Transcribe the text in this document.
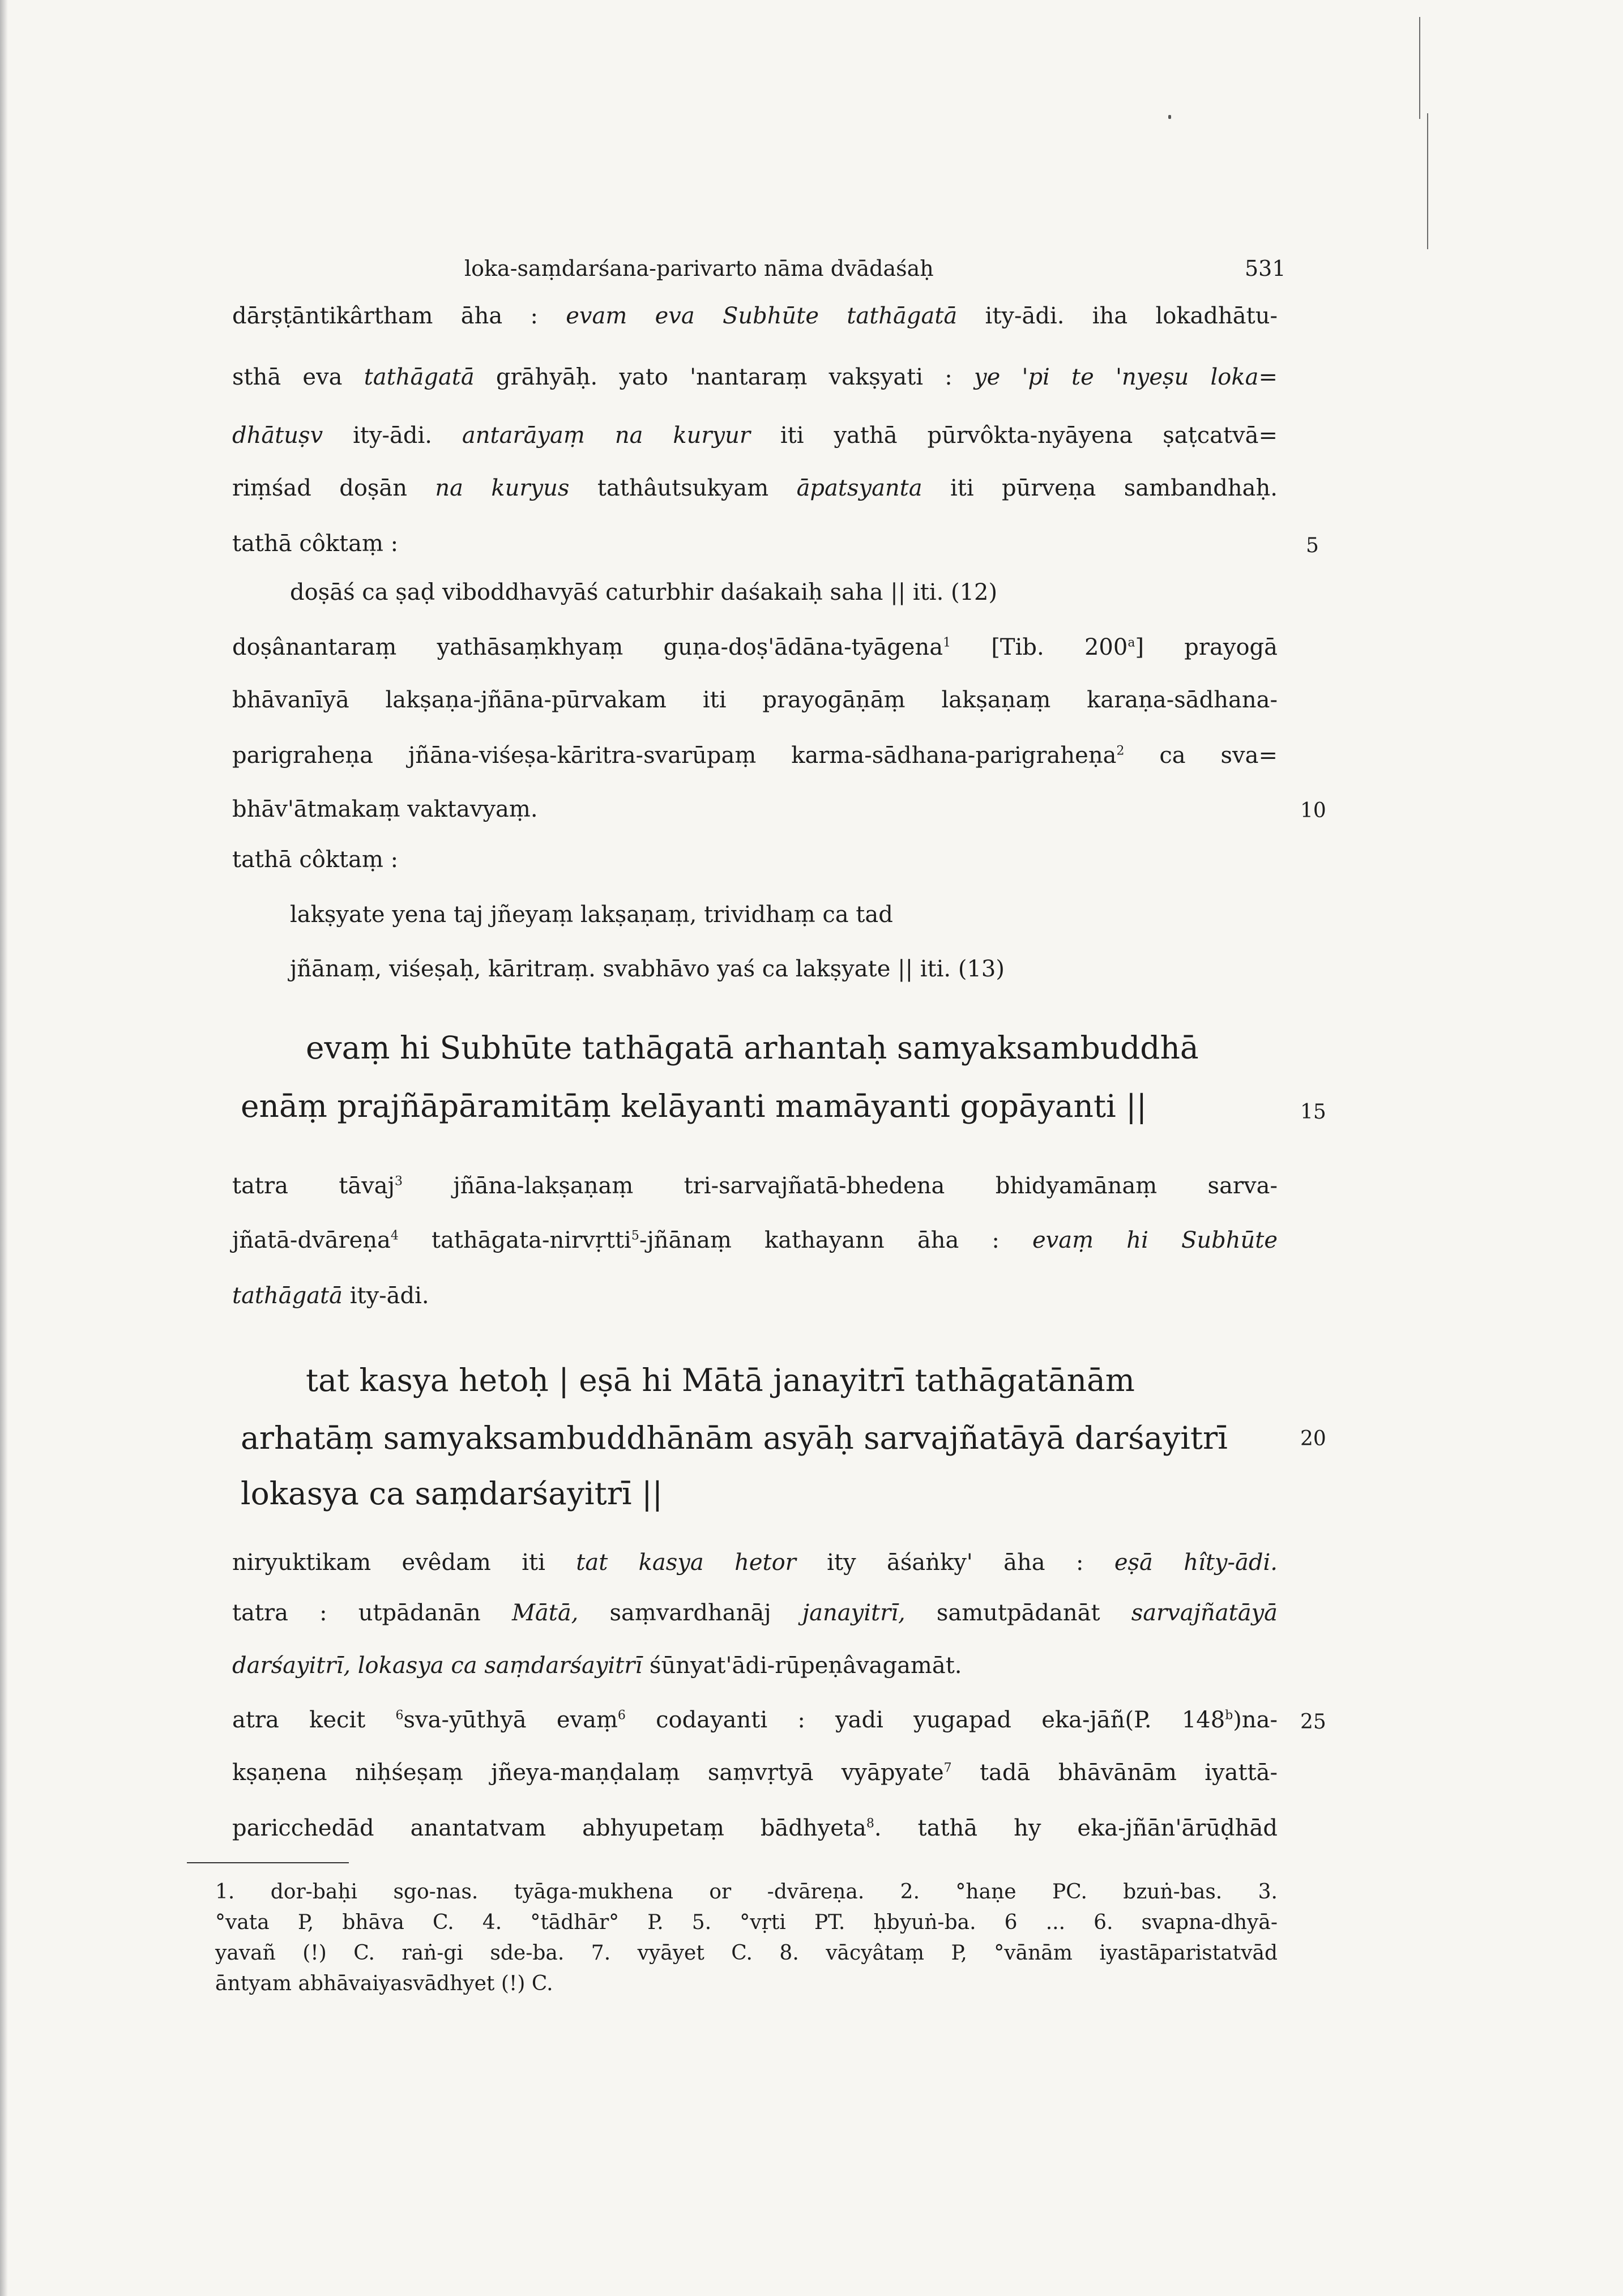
loka-saṃdarśana-parivarto nāma dvādaśaḥ	531
dārṣṭāntikârtham āha : evam eva Subhūte tathāgatā ity-ādi. iha lokadhātu-
sthā eva tathāgatā grāhyāḥ. yato 'nantaraṃ vakṣyati : ye 'pi te 'nyeṣu loka=
dhātuṣv ity-ādi. antarāyaṃ na kuryur iti yathā pūrvôkta-nyāyena ṣaṭcatvā=
riṃśad doṣān na kuryus tathâutsukyam āpatsyanta iti pūrveṇa sambandhaḥ.
tathā côktaṃ :	5
doṣāś ca ṣaḍ viboddhavyāś caturbhir daśakaiḥ saha || iti. (12)
doṣânantaraṃ yathāsaṃkhyaṃ guṇa-doṣ'ādāna-tyāgena$^1$ [Tib. 200$^a$] prayogā
bhāvanīyā lakṣaṇa-jñāna-pūrvakam iti prayogāṇāṃ lakṣaṇaṃ karaṇa-sādhana-
parigraheṇa jñāna-viśeṣa-kāritra-svarūpaṃ karma-sādhana-parigraheṇa$^2$ ca sva=
bhāv'ātmakaṃ vaktavyaṃ.	10
tathā côktaṃ :
lakṣyate yena taj jñeyaṃ lakṣaṇaṃ, trividhaṃ ca tad
jñānaṃ, viśeṣaḥ, kāritraṃ. svabhāvo yaś ca lakṣyate || iti. (13)
evaṃ hi Subhūte tathāgatā arhantaḥ samyaksambuddhā
enāṃ prajñāpāramitāṃ kelāyanti mamāyanti gopāyanti ||	15
tatra tāvaj$^3$ jñāna-lakṣaṇaṃ tri-sarvajñatā-bhedena bhidyamānaṃ sarva-
jñatā-dvāreṇa$^4$ tathāgata-nirvṛtti$^5$-jñānaṃ kathayann āha : evaṃ hi Subhūte
tathāgatā ity-ādi.
tat kasya hetoḥ | eṣā hi Mātā janayitrī tathāgatānām
arhatāṃ samyaksambuddhānām asyāḥ sarvajñatāyā darśayitrī	20
lokasya ca saṃdarśayitrī ||
niryuktikam evêdam iti tat kasya hetor ity āśaṅky' āha : eṣā hîty-ādi.
tatra : utpādanān Mātā, saṃvardhanāj janayitrī, samutpādanāt sarvajñatāyā
darśayitrī, lokasya ca saṃdarśayitrī śūnyat'ādi-rūpeṇâvagamāt.
atra kecit $^6$sva-yūthyā evaṃ$^6$ codayanti : yadi yugapad eka-jāñ(P. 148$^b$)na- 25
kṣaṇena niḥśeṣaṃ jñeya-maṇḍalaṃ saṃvṛtyā vyāpyate$^7$ tadā bhāvānām iyattā-
paricchedād anantatvam abhyupetaṃ bādhyeta$^8$. tathā hy eka-jñān'ārūḍhād
1. dor-baḥi sgo-nas. tyāga-mukhena or -dvāreṇa. 2. °haṇe PC. bzuṅ-bas. 3.
°vata P, bhāva C. 4. °tādhār° P. 5. °vṛti PT. ḥbyuṅ-ba. 6 ... 6. svapna-dhyā-
yavañ (!) C. raṅ-gi sde-ba. 7. vyāyet C. 8. vācyâtaṃ P, °vānām iyastāparistatvād
āntyam abhāvaiyasvādhyet (!) C.
